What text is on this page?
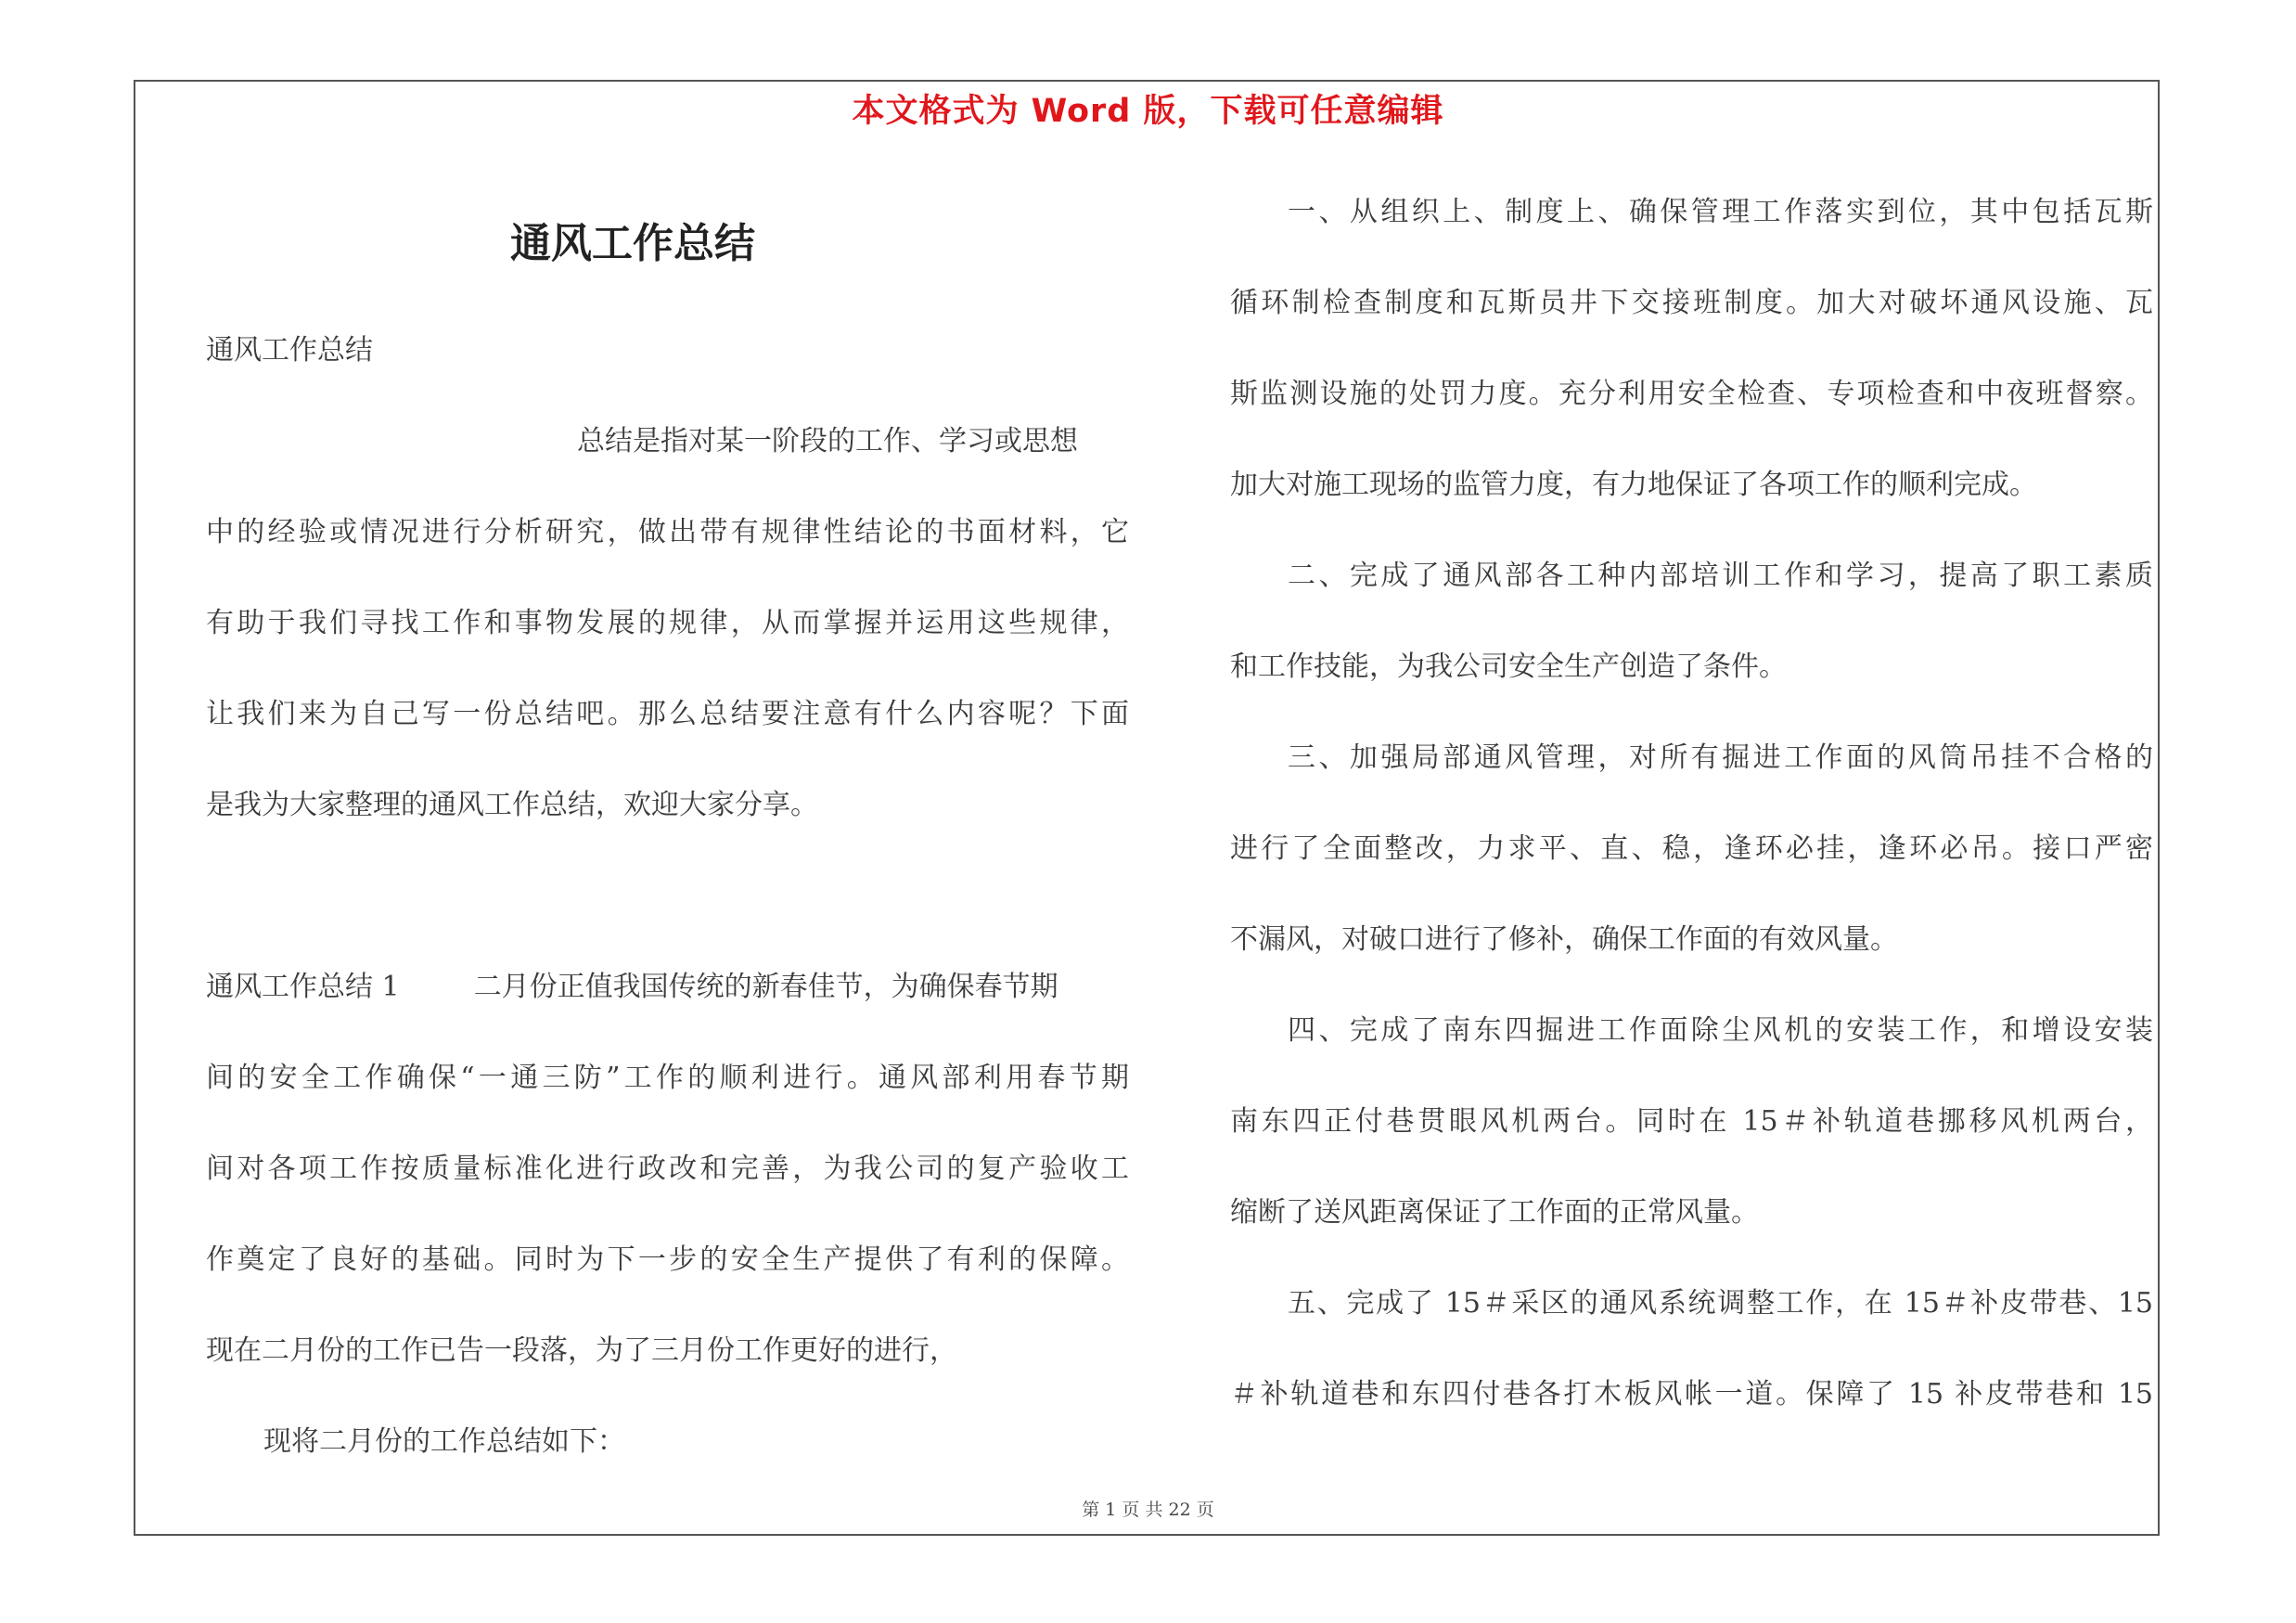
本文格式为 Word 版，下载可任意编辑
通风工作总结
通风工作总结
总结是指对某一阶段的工作、学习或思想
中的经验或情况进行分析研究，做出带有规律性结论的书面材料，它
有助于我们寻找工作和事物发展的规律，从而掌握并运用这些规律，
让我们来为自己写一份总结吧。那么总结要注意有什么内容呢？下面
是我为大家整理的通风工作总结，欢迎大家分享。
通风工作总结 1	二月份正值我国传统的新春佳节，为确保春节期
间的安全工作确保“一通三防”工作的顺利进行。通风部利用春节期
间对各项工作按质量标准化进行政改和完善，为我公司的复产验收工
作奠定了良好的基础。同时为下一步的安全生产提供了有利的保障。
现在二月份的工作已告一段落，为了三月份工作更好的进行，
现将二月份的工作总结如下：
一、从组织上、制度上、确保管理工作落实到位，其中包括瓦斯
循环制检查制度和瓦斯员井下交接班制度。加大对破坏通风设施、瓦
斯监测设施的处罚力度。充分利用安全检查、专项检查和中夜班督察。
加大对施工现场的监管力度，有力地保证了各项工作的顺利完成。
二、完成了通风部各工种内部培训工作和学习，提高了职工素质
和工作技能，为我公司安全生产创造了条件。
三、加强局部通风管理，对所有掘进工作面的风筒吊挂不合格的
进行了全面整改，力求平、直、稳，逢环必挂，逢环必吊。接口严密
不漏风，对破口进行了修补，确保工作面的有效风量。
四、完成了南东四掘进工作面除尘风机的安装工作，和增设安装
南东四正付巷贯眼风机两台。同时在 15＃补轨道巷挪移风机两台，
缩断了送风距离保证了工作面的正常风量。
五、完成了 15＃采区的通风系统调整工作，在 15＃补皮带巷、15
＃补轨道巷和东四付巷各打木板风帐一道。保障了 15 补皮带巷和 15
第 1 页 共 22 页
